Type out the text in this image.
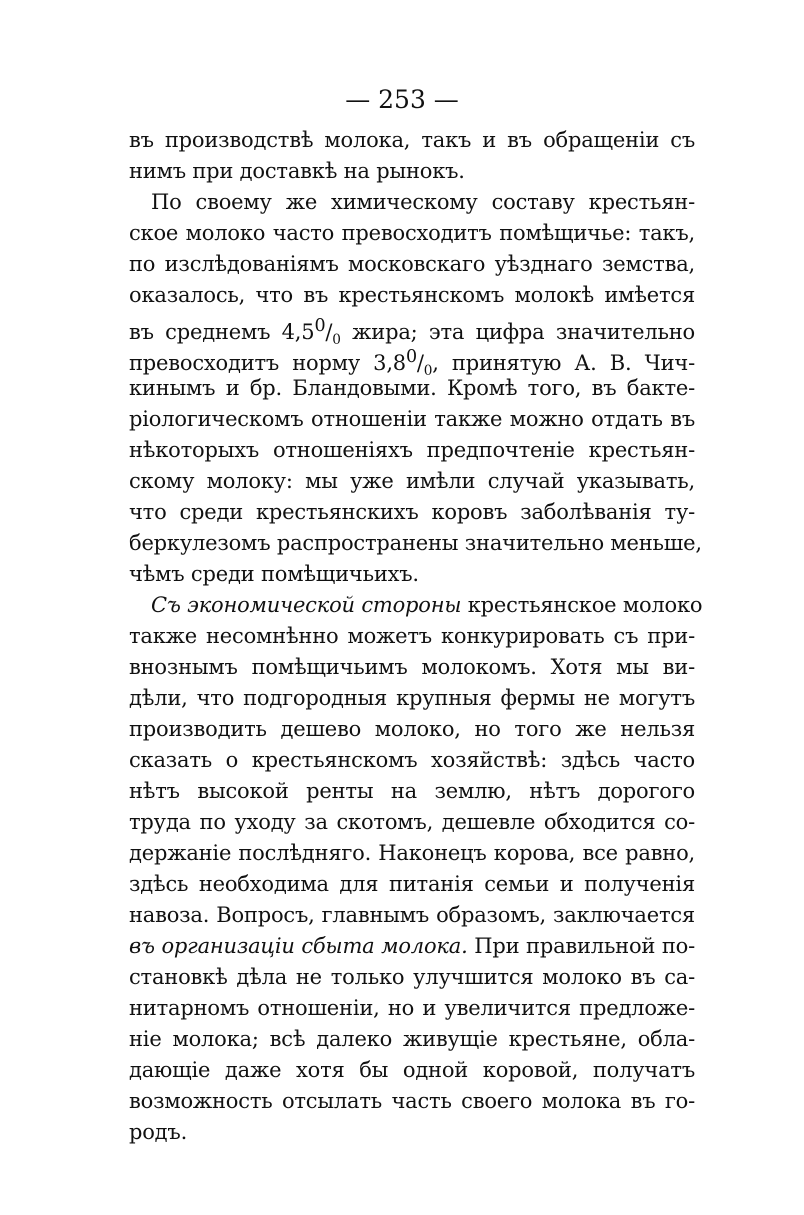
— 253 —
въ производствѣ молока, такъ и въ обращеніи съ
нимъ при доставкѣ на рынокъ.
По своему же химическому составу крестьян-
ское молоко часто превосходитъ помѣщичье: такъ,
по изслѣдованіямъ московскаго уѣзднаго земства,
оказалось, что въ крестьянскомъ молокѣ имѣется
въ среднемъ $4,5^0/_0$ жира; эта цифра значительно
превосходитъ норму $3,8^0/_0$, принятую А. В. Чич-
кинымъ и бр. Бландовыми. Кромѣ того, въ бакте-
ріологическомъ отношеніи также можно отдать въ
нѣкоторыхъ отношеніяхъ предпочтеніе крестьян-
скому молоку: мы уже имѣли случай указывать,
что среди крестьянскихъ коровъ заболѣванія ту-
беркулезомъ распространены значительно меньше,
чѣмъ среди помѣщичьихъ.
Съ экономической стороны крестьянское молоко
также несомнѣнно можетъ конкурировать съ при-
внознымъ помѣщичьимъ молокомъ. Хотя мы ви-
дѣли, что подгородныя крупныя фермы не могутъ
производить дешево молоко, но того же нельзя
сказать о крестьянскомъ хозяйствѣ: здѣсь часто
нѣтъ высокой ренты на землю, нѣтъ дорогого
труда по уходу за скотомъ, дешевле обходится со-
держаніе послѣдняго. Наконецъ корова, все равно,
здѣсь необходима для питанія семьи и полученія
навоза. Вопросъ, главнымъ образомъ, заключается
въ организаціи сбыта молока. При правильной по-
становкѣ дѣла не только улучшится молоко въ са-
нитарномъ отношеніи, но и увеличится предложе-
ніе молока; всѣ далеко живущіе крестьяне, обла-
дающіе даже хотя бы одной коровой, получатъ
возможность отсылать часть своего молока въ го-
родъ.
